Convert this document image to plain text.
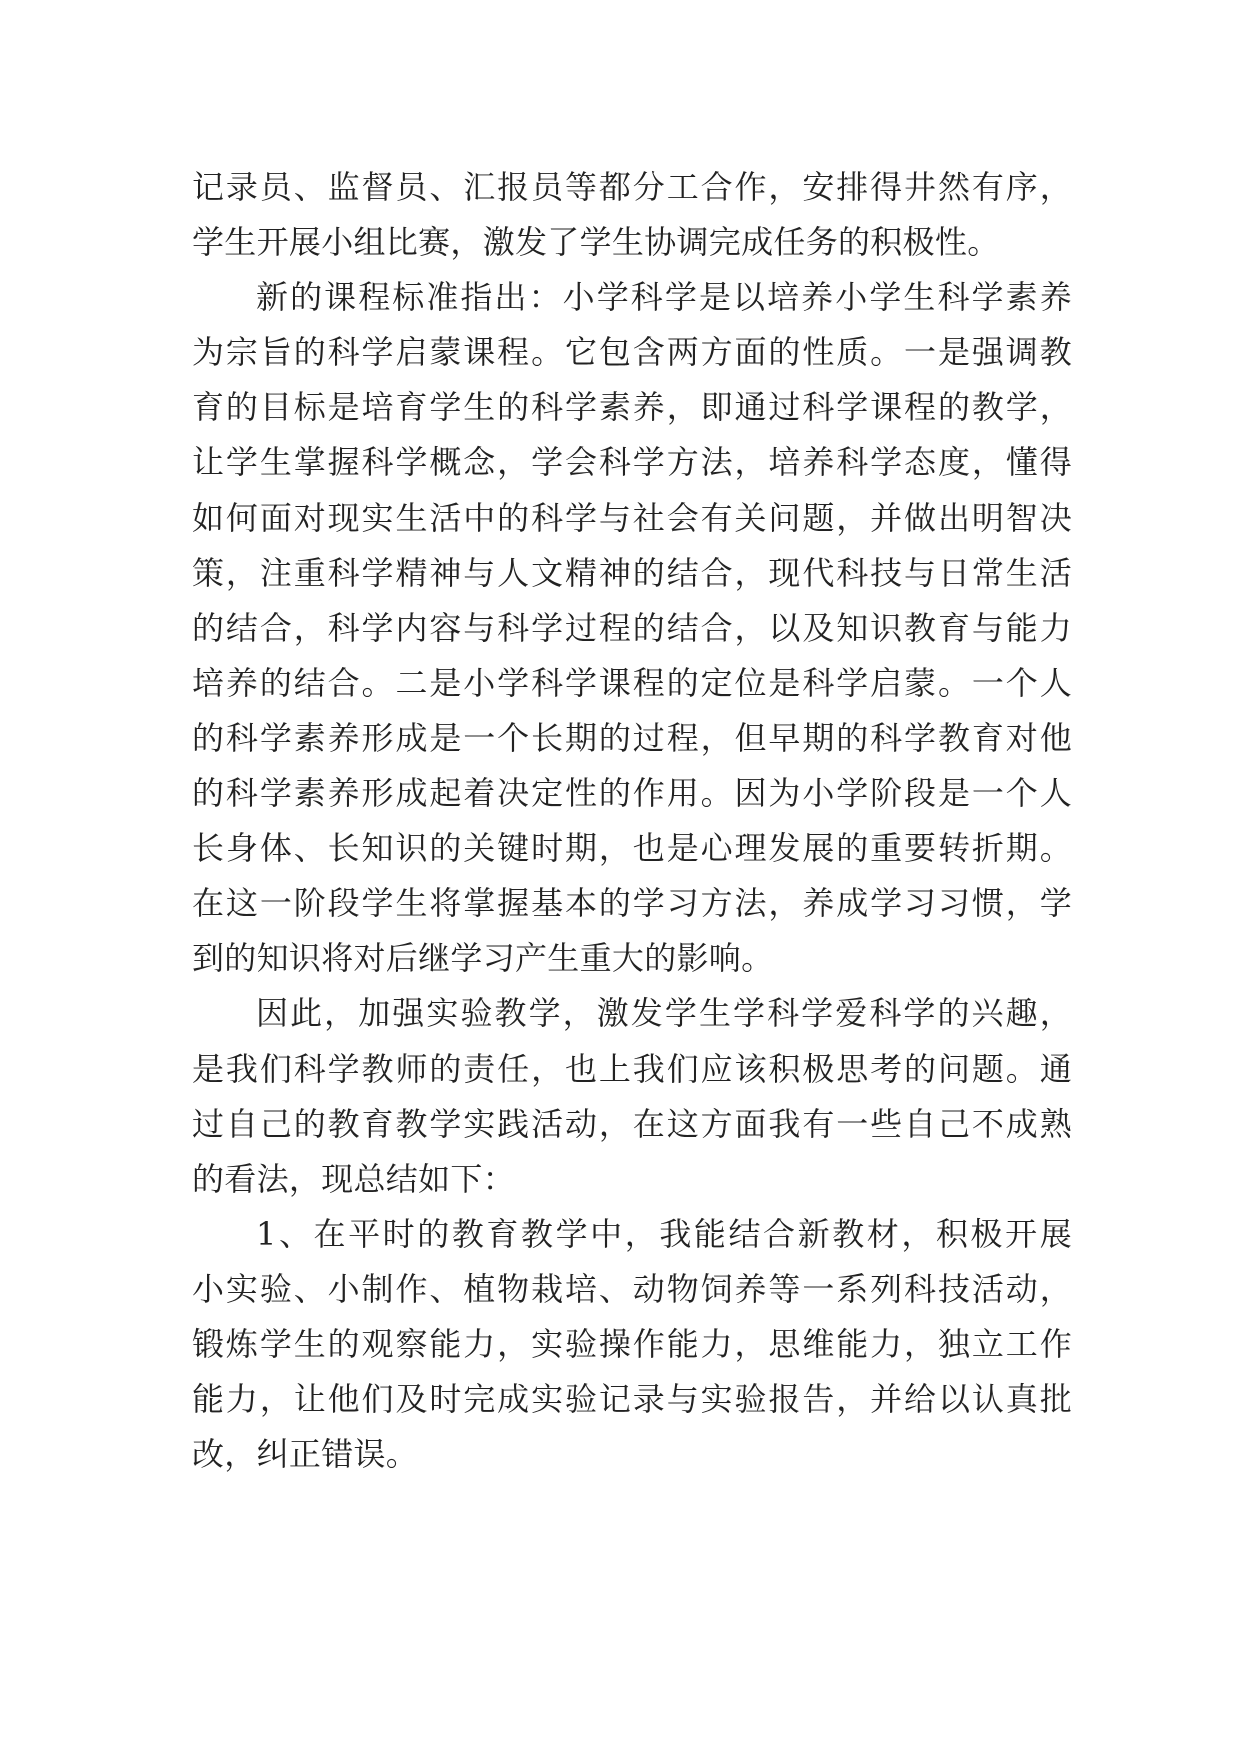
记录员、监督员、汇报员等都分工合作，安排得井然有序，
学生开展小组比赛，激发了学生协调完成任务的积极性。
新的课程标准指出：小学科学是以培养小学生科学素养
为宗旨的科学启蒙课程。它包含两方面的性质。一是强调教
育的目标是培育学生的科学素养，即通过科学课程的教学，
让学生掌握科学概念，学会科学方法，培养科学态度，懂得
如何面对现实生活中的科学与社会有关问题，并做出明智决
策，注重科学精神与人文精神的结合，现代科技与日常生活
的结合，科学内容与科学过程的结合，以及知识教育与能力
培养的结合。二是小学科学课程的定位是科学启蒙。一个人
的科学素养形成是一个长期的过程，但早期的科学教育对他
的科学素养形成起着决定性的作用。因为小学阶段是一个人
长身体、长知识的关键时期，也是心理发展的重要转折期。
在这一阶段学生将掌握基本的学习方法，养成学习习惯，学
到的知识将对后继学习产生重大的影响。
因此，加强实验教学，激发学生学科学爱科学的兴趣，
是我们科学教师的责任，也上我们应该积极思考的问题。通
过自己的教育教学实践活动，在这方面我有一些自己不成熟
的看法，现总结如下：
1、在平时的教育教学中，我能结合新教材，积极开展
小实验、小制作、植物栽培、动物饲养等一系列科技活动，
锻炼学生的观察能力，实验操作能力，思维能力，独立工作
能力，让他们及时完成实验记录与实验报告，并给以认真批
改，纠正错误。
